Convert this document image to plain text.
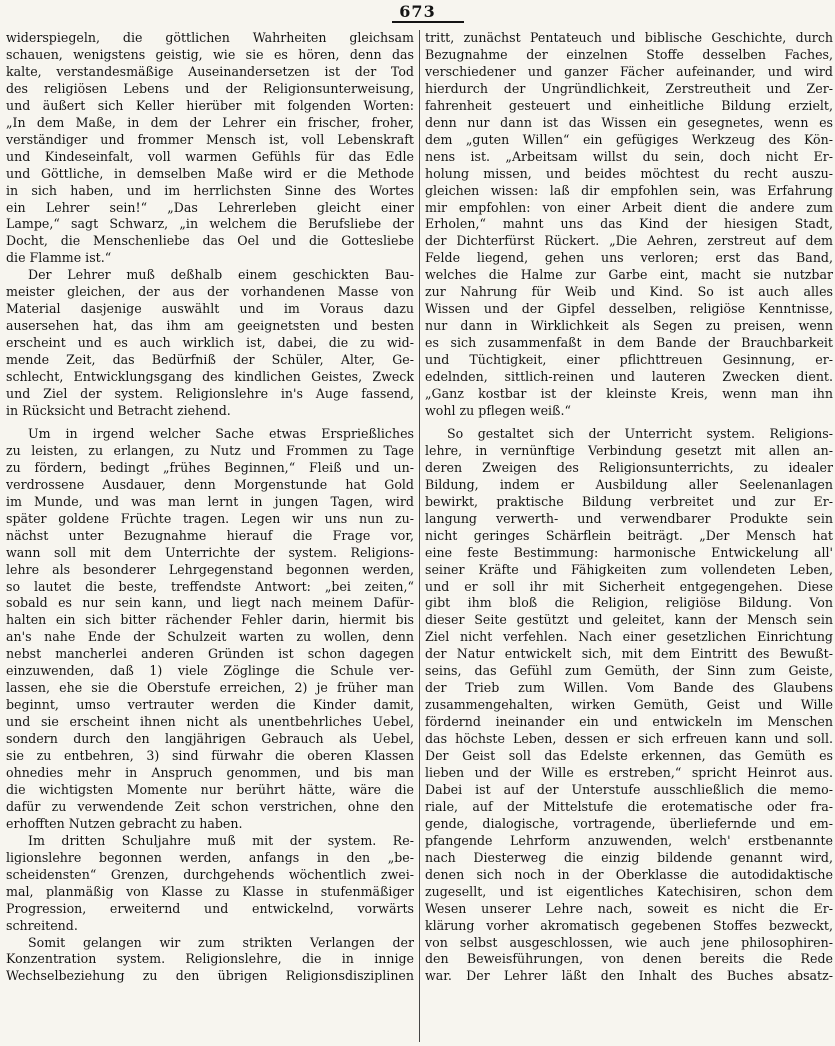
673
widerspiegeln, die göttlichen Wahrheiten gleichsam
schauen, wenigstens geistig, wie sie es hören, denn das
kalte, verstandesmäßige Auseinandersetzen ist der Tod
des religiösen Lebens und der Religionsunterweisung,
und äußert sich Keller hierüber mit folgenden Worten:
„In dem Maße, in dem der Lehrer ein frischer, froher,
verständiger und frommer Mensch ist, voll Lebenskraft
und Kindeseinfalt, voll warmen Gefühls für das Edle
und Göttliche, in demselben Maße wird er die Methode
in sich haben, und im herrlichsten Sinne des Wortes
ein Lehrer sein!“ „Das Lehrerleben gleicht einer
Lampe,“ sagt Schwarz, „in welchem die Berufsliebe der
Docht, die Menschenliebe das Oel und die Gottesliebe
die Flamme ist.“
Der Lehrer muß deßhalb einem geschickten Bau-
meister gleichen, der aus der vorhandenen Masse von
Material dasjenige auswählt und im Voraus dazu
ausersehen hat, das ihm am geeignetsten und besten
erscheint und es auch wirklich ist, dabei, die zu wid-
mende Zeit, das Bedürfniß der Schüler, Alter, Ge-
schlecht, Entwicklungsgang des kindlichen Geistes, Zweck
und Ziel der system. Religionslehre in's Auge fassend,
in Rücksicht und Betracht ziehend.
Um in irgend welcher Sache etwas Ersprießliches
zu leisten, zu erlangen, zu Nutz und Frommen zu Tage
zu fördern, bedingt „frühes Beginnen,“ Fleiß und un-
verdrossene Ausdauer, denn Morgenstunde hat Gold
im Munde, und was man lernt in jungen Tagen, wird
später goldene Früchte tragen. Legen wir uns nun zu-
nächst unter Bezugnahme hierauf die Frage vor,
wann soll mit dem Unterrichte der system. Religions-
lehre als besonderer Lehrgegenstand begonnen werden,
so lautet die beste, treffendste Antwort: „bei zeiten,“
sobald es nur sein kann, und liegt nach meinem Dafür-
halten ein sich bitter rächender Fehler darin, hiermit bis
an's nahe Ende der Schulzeit warten zu wollen, denn
nebst mancherlei anderen Gründen ist schon dagegen
einzuwenden, daß 1) viele Zöglinge die Schule ver-
lassen, ehe sie die Oberstufe erreichen, 2) je früher man
beginnt, umso vertrauter werden die Kinder damit,
und sie erscheint ihnen nicht als unentbehrliches Uebel,
sondern durch den langjährigen Gebrauch als Uebel,
sie zu entbehren, 3) sind fürwahr die oberen Klassen
ohnedies mehr in Anspruch genommen, und bis man
die wichtigsten Momente nur berührt hätte, wäre die
dafür zu verwendende Zeit schon verstrichen, ohne den
erhofften Nutzen gebracht zu haben.
Im dritten Schuljahre muß mit der system. Re-
ligionslehre begonnen werden, anfangs in den „be-
scheidensten“ Grenzen, durchgehends wöchentlich zwei-
mal, planmäßig von Klasse zu Klasse in stufenmäßiger
Progression, erweiternd und entwickelnd, vorwärts
schreitend.
Somit gelangen wir zum strikten Verlangen der
Konzentration system. Religionslehre, die in innige
Wechselbeziehung zu den übrigen Religionsdisziplinen
tritt, zunächst Pentateuch und biblische Geschichte, durch
Bezugnahme der einzelnen Stoffe desselben Faches,
verschiedener und ganzer Fächer aufeinander, und wird
hierdurch der Ungründlichkeit, Zerstreutheit und Zer-
fahrenheit gesteuert und einheitliche Bildung erzielt,
denn nur dann ist das Wissen ein gesegnetes, wenn es
dem „guten Willen“ ein gefügiges Werkzeug des Kön-
nens ist. „Arbeitsam willst du sein, doch nicht Er-
holung missen, und beides möchtest du recht auszu-
gleichen wissen: laß dir empfohlen sein, was Erfahrung
mir empfohlen: von einer Arbeit dient die andere zum
Erholen,“ mahnt uns das Kind der hiesigen Stadt,
der Dichterfürst Rückert. „Die Aehren, zerstreut auf dem
Felde liegend, gehen uns verloren; erst das Band,
welches die Halme zur Garbe eint, macht sie nutzbar
zur Nahrung für Weib und Kind. So ist auch alles
Wissen und der Gipfel desselben, religiöse Kenntnisse,
nur dann in Wirklichkeit als Segen zu preisen, wenn
es sich zusammenfaßt in dem Bande der Brauchbarkeit
und Tüchtigkeit, einer pflichttreuen Gesinnung, er-
edelnden, sittlich-reinen und lauteren Zwecken dient.
„Ganz kostbar ist der kleinste Kreis, wenn man ihn
wohl zu pflegen weiß.“
So gestaltet sich der Unterricht system. Religions-
lehre, in vernünftige Verbindung gesetzt mit allen an-
deren Zweigen des Religionsunterrichts, zu idealer
Bildung, indem er Ausbildung aller Seelenanlagen
bewirkt, praktische Bildung verbreitet und zur Er-
langung verwerth- und verwendbarer Produkte sein
nicht geringes Schärflein beiträgt. „Der Mensch hat
eine feste Bestimmung: harmonische Entwickelung all'
seiner Kräfte und Fähigkeiten zum vollendeten Leben,
und er soll ihr mit Sicherheit entgegengehen. Diese
gibt ihm bloß die Religion, religiöse Bildung. Von
dieser Seite gestützt und geleitet, kann der Mensch sein
Ziel nicht verfehlen. Nach einer gesetzlichen Einrichtung
der Natur entwickelt sich, mit dem Eintritt des Bewußt-
seins, das Gefühl zum Gemüth, der Sinn zum Geiste,
der Trieb zum Willen. Vom Bande des Glaubens
zusammengehalten, wirken Gemüth, Geist und Wille
fördernd ineinander ein und entwickeln im Menschen
das höchste Leben, dessen er sich erfreuen kann und soll.
Der Geist soll das Edelste erkennen, das Gemüth es
lieben und der Wille es erstreben,“ spricht Heinrot aus.
Dabei ist auf der Unterstufe ausschließlich die memo-
riale, auf der Mittelstufe die erotematische oder fra-
gende, dialogische, vortragende, überliefernde und em-
pfangende Lehrform anzuwenden, welch' erstbenannte
nach Diesterweg die einzig bildende genannt wird,
denen sich noch in der Oberklasse die autodidaktische
zugesellt, und ist eigentliches Katechisiren, schon dem
Wesen unserer Lehre nach, soweit es nicht die Er-
klärung vorher akromatisch gegebenen Stoffes bezweckt,
von selbst ausgeschlossen, wie auch jene philosophiren-
den Beweisführungen, von denen bereits die Rede
war. Der Lehrer läßt den Inhalt des Buches absatz-
